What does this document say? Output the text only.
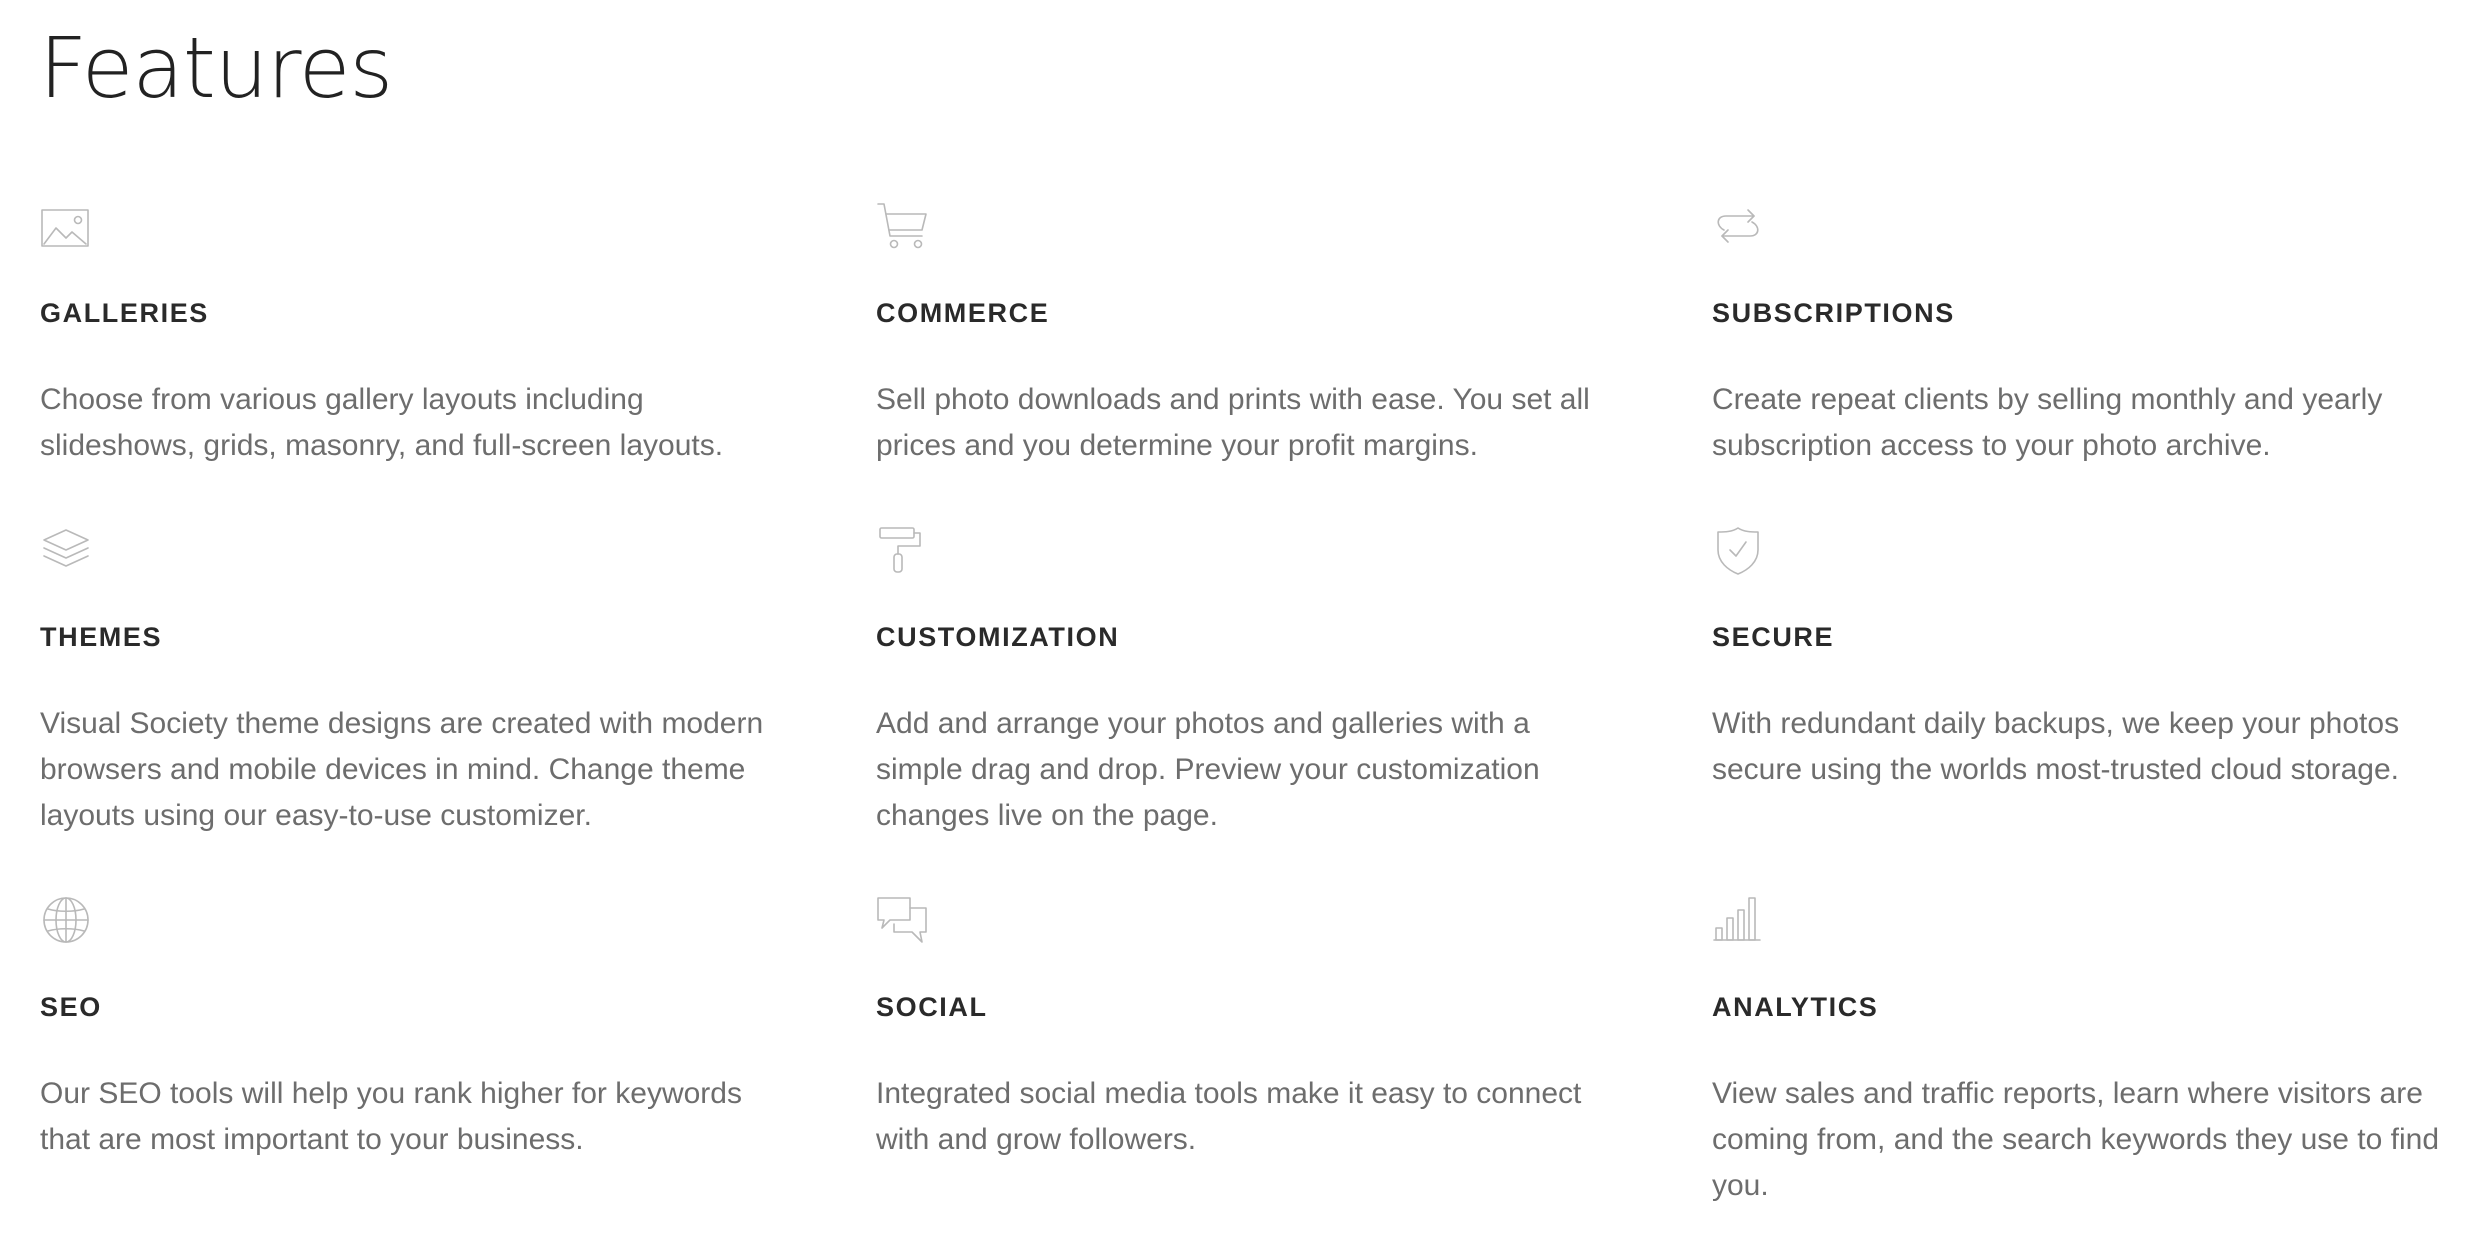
Features
GALLERIES

Choose from various gallery layouts including slideshows, grids, masonry, and full-screen layouts.

COMMERCE

Sell photo downloads and prints with ease. You set all prices and you determine your profit margins.

SUBSCRIPTIONS

Create repeat clients by selling monthly and yearly subscription access to your photo archive.

THEMES

Visual Society theme designs are created with modern browsers and mobile devices in mind. Change theme layouts using our easy-to-use customizer.

CUSTOMIZATION

Add and arrange your photos and galleries with a simple drag and drop. Preview your customization changes live on the page.

SECURE

With redundant daily backups, we keep your photos secure using the worlds most-trusted cloud storage.

SEO

Our SEO tools will help you rank higher for keywords that are most important to your business.

SOCIAL

Integrated social media tools make it easy to connect with and grow followers.

ANALYTICS

View sales and traffic reports, learn where visitors are coming from, and the search keywords they use to find you.
